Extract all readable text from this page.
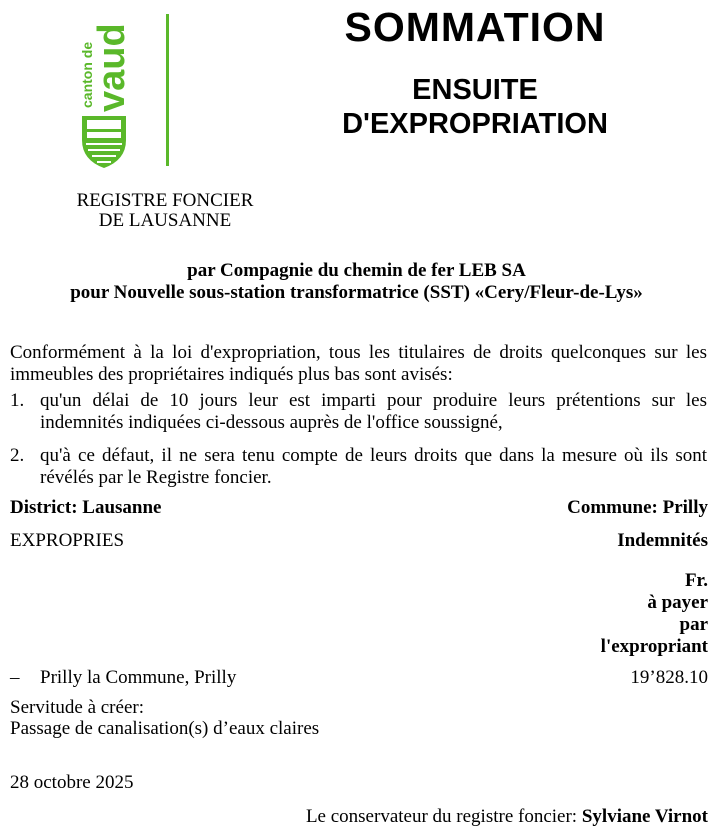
canton de
vaud	SOMMATION
ENSUITE
D'EXPROPRIATION
REGISTRE FONCIER
DE LAUSANNE
par Compagnie du chemin de fer LEB SA
pour Nouvelle sous-station transformatrice (SST) «Cery/Fleur-de-Lys»
Conformément à la loi d'expropriation, tous les titulaires de droits quelconques sur les immeubles des propriétaires indiqués plus bas sont avisés:
1. qu'un délai de 10 jours leur est imparti pour produire leurs prétentions sur les indemnités indiquées ci-dessous auprès de l'office soussigné,
2. qu'à ce défaut, il ne sera tenu compte de leurs droits que dans la mesure où ils sont révélés par le Registre foncier.
District: Lausanne	Commune: Prilly
EXPROPRIES	Indemnités
Fr.
à payer
par
l'expropriant
– Prilly la Commune, Prilly	19’828.10
Servitude à créer:
Passage de canalisation(s) d’eaux claires
28 octobre 2025
Le conservateur du registre foncier: Sylviane Virnot
